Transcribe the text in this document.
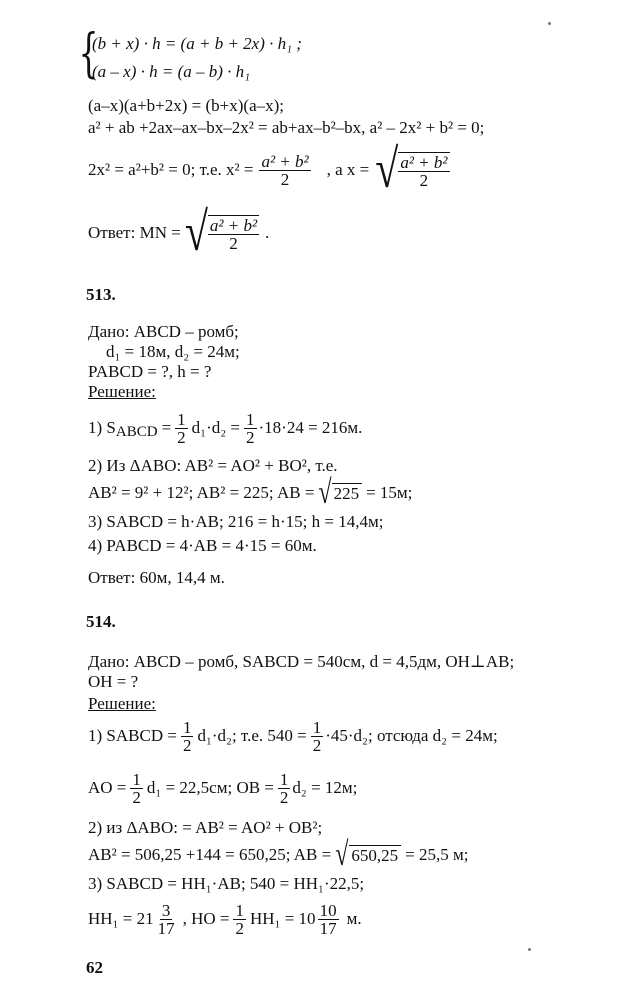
{
(b + x) · h = (a + b + 2x) · h₁ ;
(a – x) · h = (a – b) · h₁
(a–x)(a+b+2x) = (b+x)(a–x);
a² + ab +2ax–ax–bx–2x² = ab+ax–b²–bx, a² – 2x² + b² = 0;
2x² = a²+b² = 0; т.е. $x^2 = \frac{\text{a² + b²}}{2}$ , а x = √ $\frac{\text{a² + b²}}{2}$
Ответ: MN = √ $\frac{\text{a² + b²}}{2}$ .
513.
Дано: ABCD – ромб;
d₁ = 18м, d₂ = 24м;
PABCD = ?, h = ?
Решение:
1) S ABCD = $\frac{1}{2} d_1\cdot d_2 = \frac{1}{2} \cdot 18\cdot 24 = 216м$.
2) Из ΔABO: AB² = AO² + BO², т.е.
AB² = 9² + 12²; AB² = 225; AB = √ 225 = 15м;
3) SABCD = h·AB; 216 = h·15; h = 14,4м;
4) PABCD = 4·AB = 4·15 = 60м.
Ответ: 60м, 14,4 м.
514.
Дано: ABCD – ромб, SABCD = 540см, d = 4,5дм, OH⊥AB;
OH = ?
Решение:
1) SABCD = $\frac{1}{2} d_1\cdot d_2$; т.е. $540 = \frac{1}{2} \cdot 45\cdot d_2$; отсюда d₂ = 24м;
AO = $\frac{1}{2} d_1 = 22,5см$; OB = $\frac{1}{2} d_2 = 12м$;
2) из ΔABO: = AB² = AO² + OB²;
AB² = 506,25 +144 = 650,25; AB = √ 650,25 = 25,5 м;
3) SABCD = HH₁·AB; 540 = HH₁·22,5;
$HH_1 = 21 \frac{3}{17}$ , HO = $\frac{1}{2} HH_1 = 10 \frac{10}{17} м$.
62
